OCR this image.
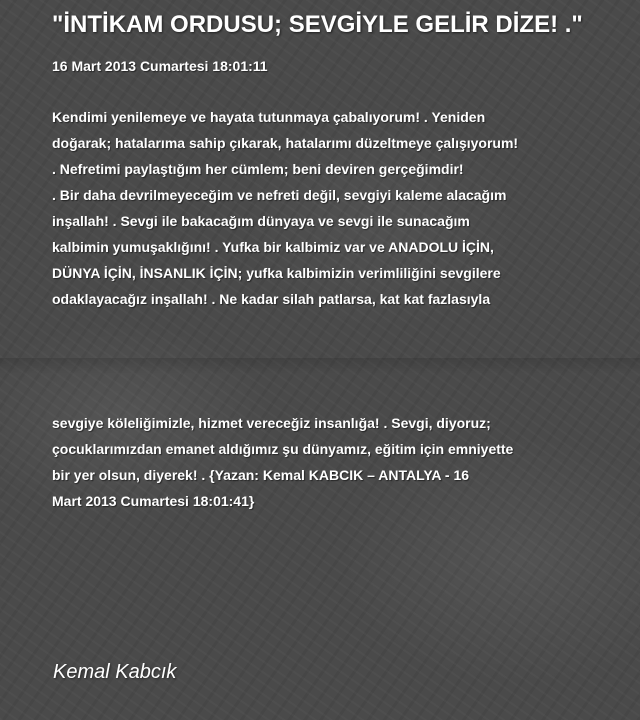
"İNTİKAM ORDUSU; SEVGİYLE GELİR DİZE! ."
16 Mart 2013 Cumartesi 18:01:11
Kendimi yenilemeye ve hayata tutunmaya çabalıyorum! . Yeniden
doğarak; hatalarıma sahip çıkarak, hatalarımı düzeltmeye çalışıyorum!
. Nefretimi paylaştığım her cümlem; beni deviren gerçeğimdir!
. Bir daha devrilmeyeceğim ve nefreti değil, sevgiyi kaleme alacağım
inşallah! . Sevgi ile bakacağım dünyaya ve sevgi ile sunacağım
kalbimin yumuşaklığını! . Yufka bir kalbimiz var ve ANADOLU İÇİN,
DÜNYA İÇİN, İNSANLIK İÇİN; yufka kalbimizin verimliliğini sevgilere
odaklayacağız inşallah! . Ne kadar silah patlarsa, kat kat fazlasıyla
sevgiye köleliğimizle, hizmet vereceğiz insanlığa! . Sevgi, diyoruz;
çocuklarımızdan emanet aldığımız şu dünyamız, eğitim için emniyette
bir yer olsun, diyerek! . {Yazan: Kemal KABCIK – ANTALYA - 16
Mart 2013 Cumartesi 18:01:41}
Kemal Kabcık
